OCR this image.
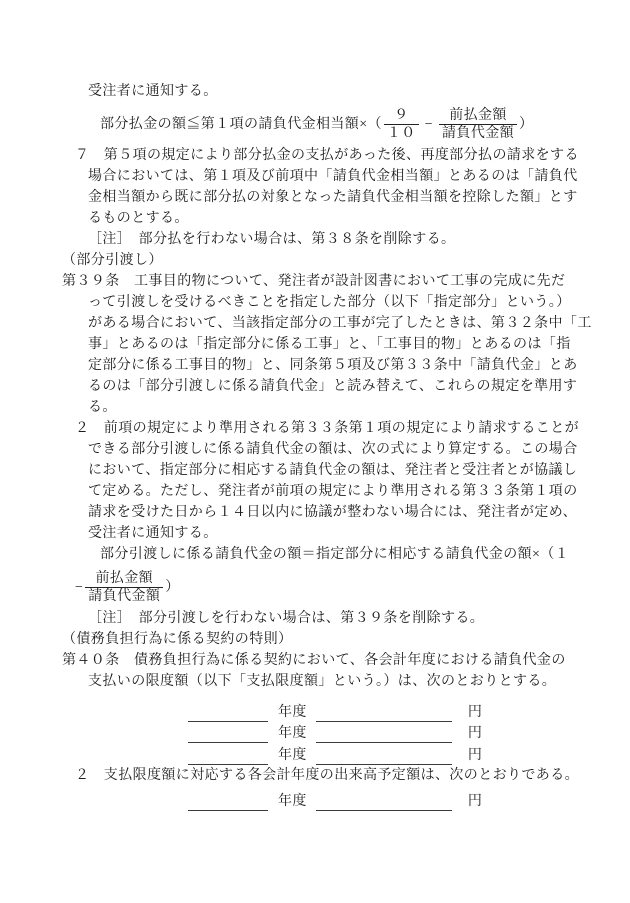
受注者に通知する。
部分払金の額≦第１項の請負代金相当額×（ $\frac{9}{10} - \frac{\text{前払金額}}{\text{請負代金額}}$ ）
７　第５項の規定により部分払金の支払があった後、再度部分払の請求をする
場合においては、第１項及び前項中「請負代金相当額」とあるのは「請負代
金相当額から既に部分払の対象となった請負代金相当額を控除した額」とす
るものとする。
［注］　部分払を行わない場合は、第３８条を削除する。
（部分引渡し）
第３９条　工事目的物について、発注者が設計図書において工事の完成に先だ
って引渡しを受けるべきことを指定した部分（以下「指定部分」という。）
がある場合において、当該指定部分の工事が完了したときは、第３２条中「工
事」とあるのは「指定部分に係る工事」と、「工事目的物」とあるのは「指
定部分に係る工事目的物」と、同条第５項及び第３３条中「請負代金」とあ
るのは「部分引渡しに係る請負代金」と読み替えて、これらの規定を準用す
る。
２　前項の規定により準用される第３３条第１項の規定により請求することが
できる部分引渡しに係る請負代金の額は、次の式により算定する。この場合
において、指定部分に相応する請負代金の額は、発注者と受注者とが協議し
て定める。ただし、発注者が前項の規定により準用される第３３条第１項の
請求を受けた日から１４日以内に協議が整わない場合には、発注者が定め、
受注者に通知する。
部分引渡しに係る請負代金の額＝指定部分に相応する請負代金の額×（１
− $\frac{\text{前払金額}}{\text{請負代金額}}$ ）
［注］　部分引渡しを行わない場合は、第３９条を削除する。
（債務負担行為に係る契約の特則）
第４０条　債務負担行為に係る契約において、各会計年度における請負代金の
支払いの限度額（以下「支払限度額」という。）は、次のとおりとする。
年度	円
年度	円
年度	円
２　支払限度額に対応する各会計年度の出来高予定額は、次のとおりである。
年度	円
